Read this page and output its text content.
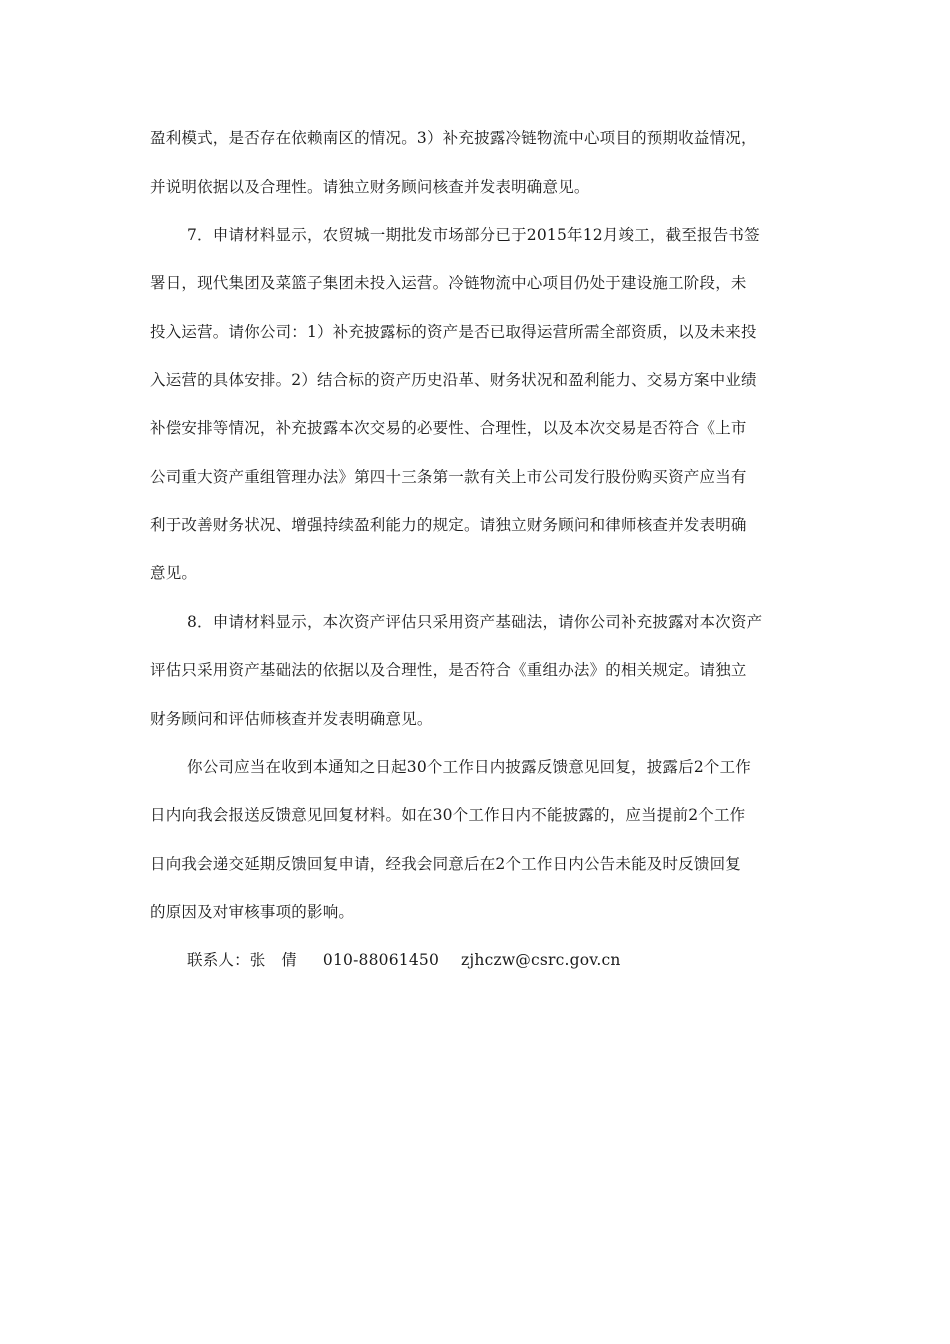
盈利模式，是否存在依赖南区的情况。3）补充披露冷链物流中心项目的预期收益情况，
并说明依据以及合理性。请独立财务顾问核查并发表明确意见。
7．申请材料显示，农贸城一期批发市场部分已于2015年12月竣工，截至报告书签
署日，现代集团及菜篮子集团未投入运营。冷链物流中心项目仍处于建设施工阶段，未
投入运营。请你公司：1）补充披露标的资产是否已取得运营所需全部资质，以及未来投
入运营的具体安排。2）结合标的资产历史沿革、财务状况和盈利能力、交易方案中业绩
补偿安排等情况，补充披露本次交易的必要性、合理性，以及本次交易是否符合《上市
公司重大资产重组管理办法》第四十三条第一款有关上市公司发行股份购买资产应当有
利于改善财务状况、增强持续盈利能力的规定。请独立财务顾问和律师核查并发表明确
意见。
8．申请材料显示，本次资产评估只采用资产基础法，请你公司补充披露对本次资产
评估只采用资产基础法的依据以及合理性，是否符合《重组办法》的相关规定。请独立
财务顾问和评估师核查并发表明确意见。
你公司应当在收到本通知之日起30个工作日内披露反馈意见回复，披露后2个工作
日内向我会报送反馈意见回复材料。如在30个工作日内不能披露的，应当提前2个工作
日向我会递交延期反馈回复申请，经我会同意后在2个工作日内公告未能及时反馈回复
的原因及对审核事项的影响。
联系人：张　倩 010-88061450 zjhczw@csrc.gov.cn
